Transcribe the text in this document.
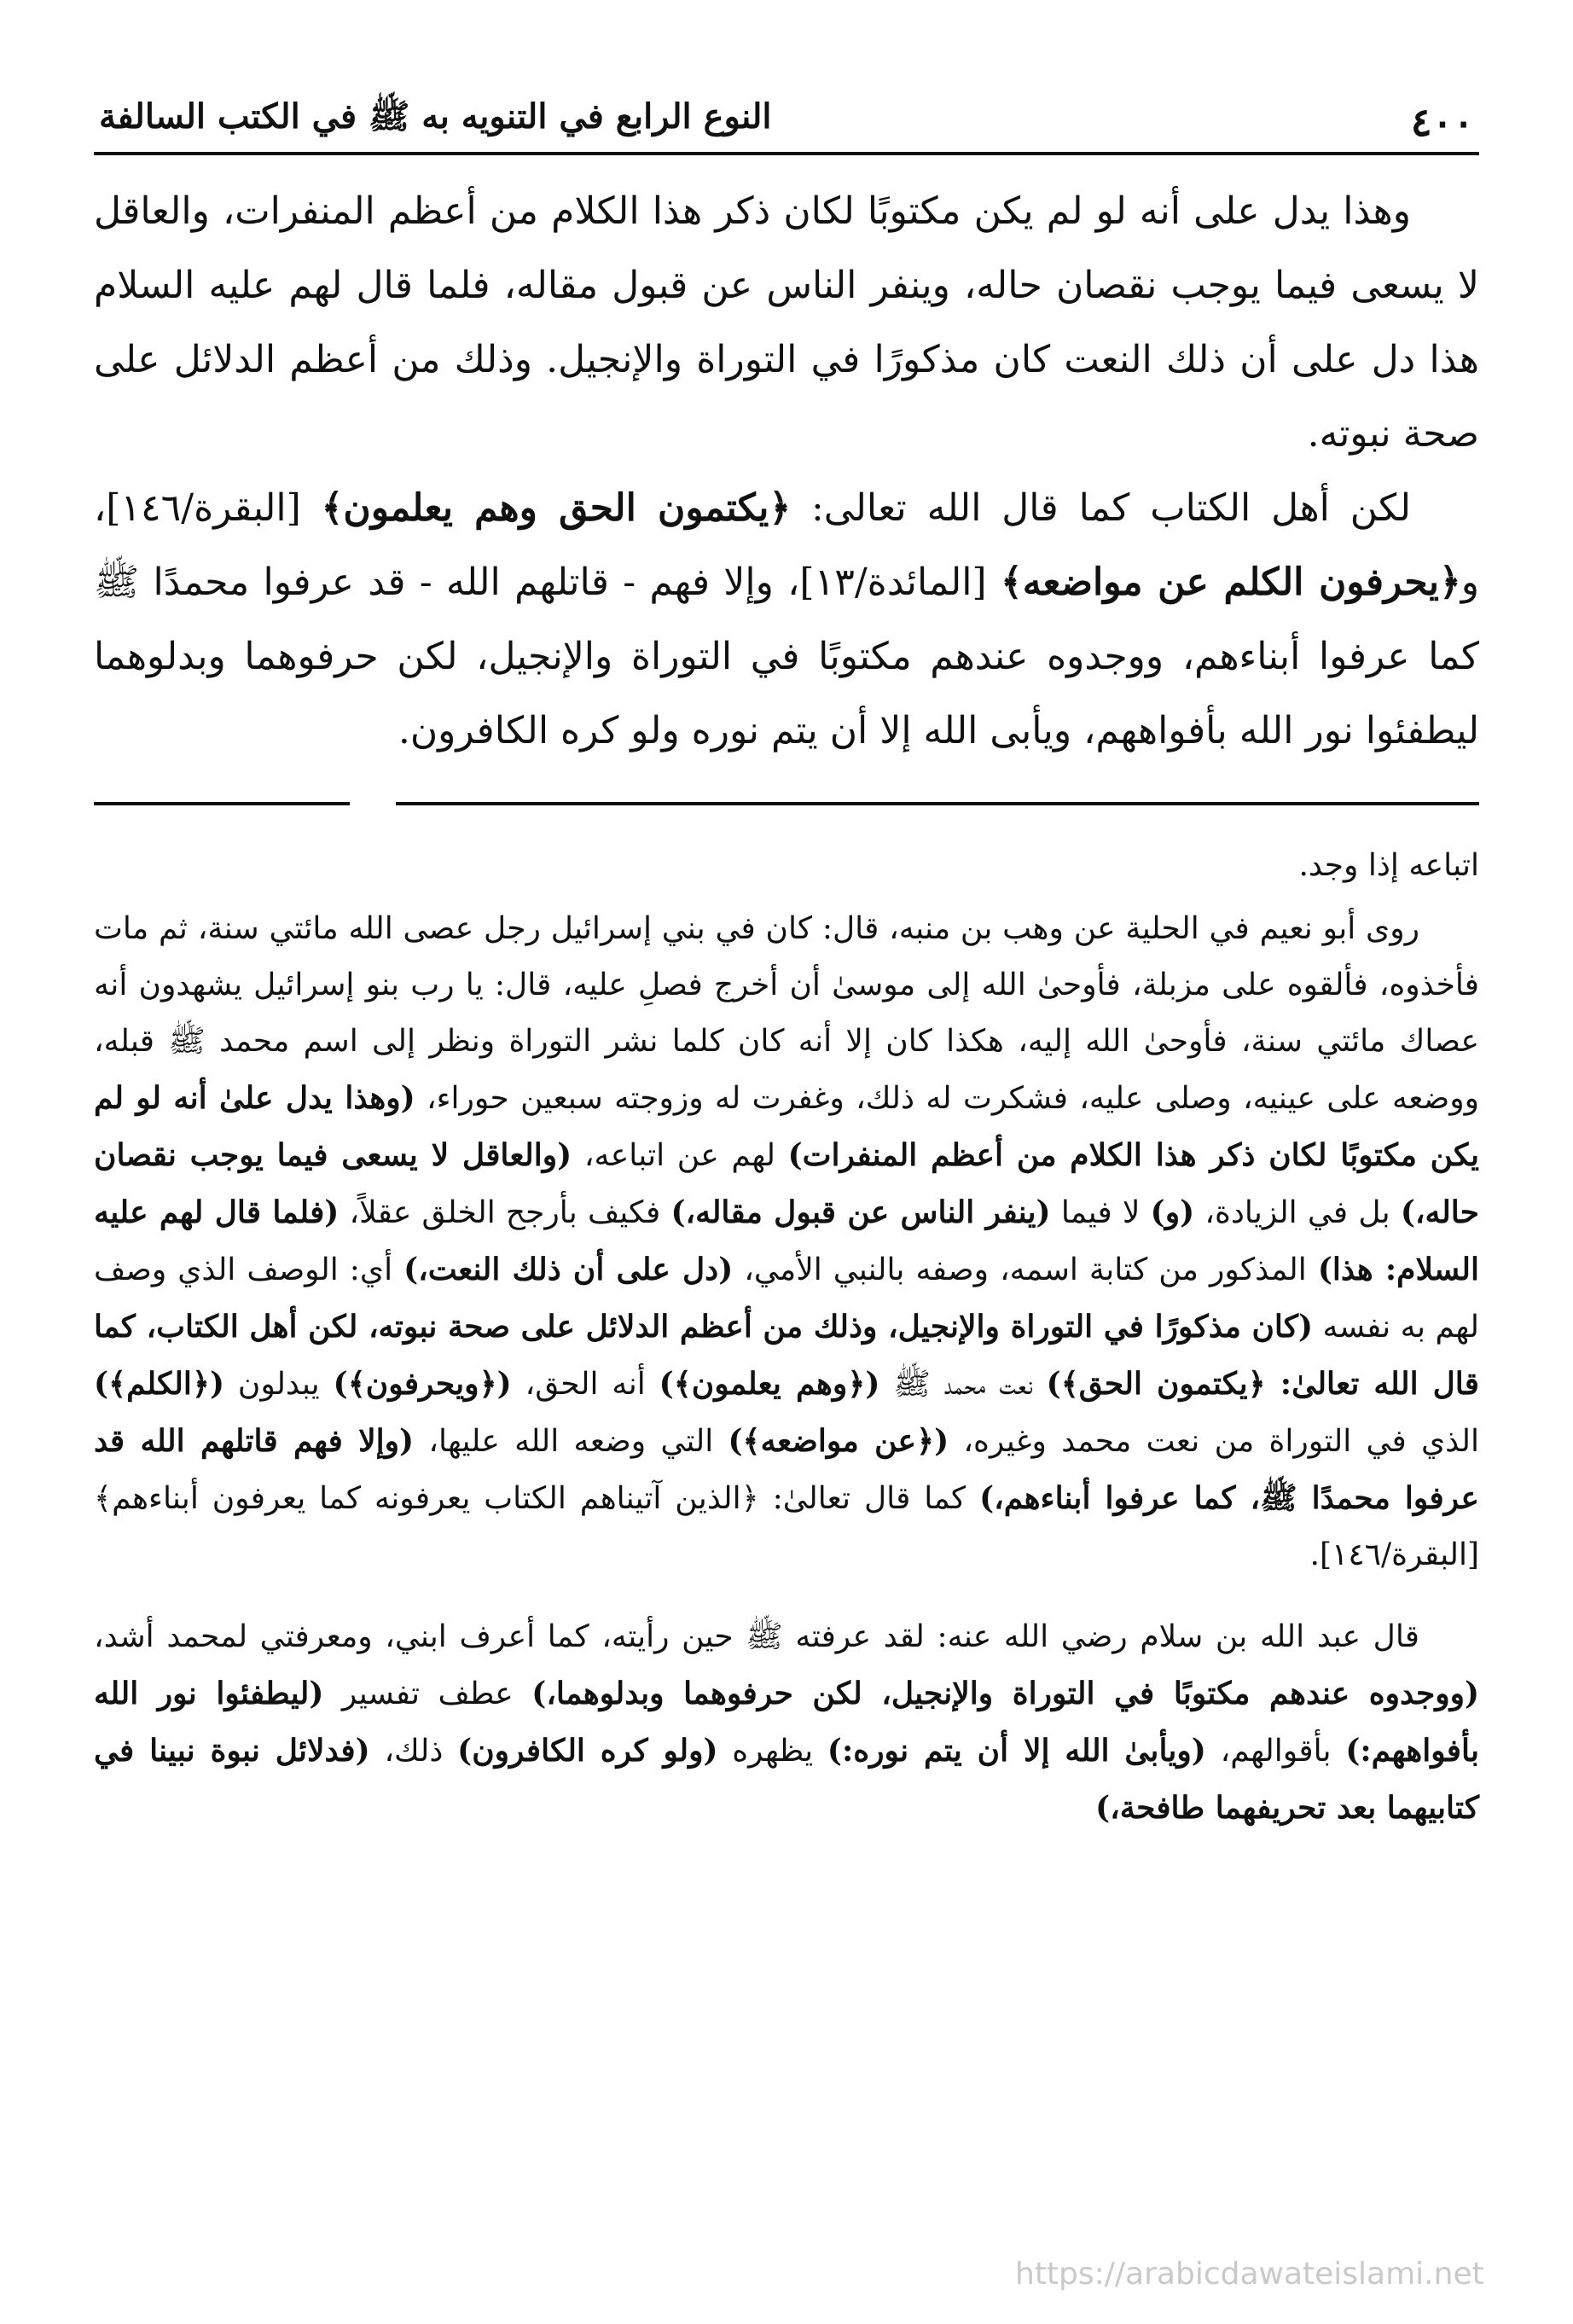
٤٠٠
النوع الرابع في التنويه به ﷺ في الكتب السالفة

وهذا يدل على أنه لو لم يكن مكتوبًا لكان ذكر هذا الكلام من أعظم المنفرات، والعاقل لا يسعى فيما يوجب نقصان حاله، وينفر الناس عن قبول مقاله، فلما قال لهم عليه السلام هذا دل على أن ذلك النعت كان مذكورًا في التوراة والإنجيل. وذلك من أعظم الدلائل على صحة نبوته.

لكن أهل الكتاب كما قال الله تعالى: ﴿يكتمون الحق وهم يعلمون﴾ [البقرة/١٤٦]، و﴿يحرفون الكلم عن مواضعه﴾ [المائدة/١٣]، وإلا فهم - قاتلهم الله - قد عرفوا محمدًا ﷺ كما عرفوا أبناءهم، ووجدوه عندهم مكتوبًا في التوراة والإنجيل، لكن حرفوهما وبدلوهما ليطفئوا نور الله بأفواههم، ويأبى الله إلا أن يتم نوره ولو كره الكافرون.

اتباعه إذا وجد.

روى أبو نعيم في الحلية عن وهب بن منبه، قال: كان في بني إسرائيل رجل عصى الله مائتي سنة، ثم مات فأخذوه، فألقوه على مزبلة، فأوحىٰ الله إلى موسىٰ أن أخرج فصلِ عليه، قال: يا رب بنو إسرائيل يشهدون أنه عصاك مائتي سنة، فأوحىٰ الله إليه، هكذا كان إلا أنه كان كلما نشر التوراة ونظر إلى اسم محمد ﷺ قبله، ووضعه على عينيه، وصلى عليه، فشكرت له ذلك، وغفرت له وزوجته سبعين حوراء، (وهذا يدل علىٰ أنه لو لم يكن مكتوبًا لكان ذكر هذا الكلام من أعظم المنفرات) لهم عن اتباعه، (والعاقل لا يسعى فيما يوجب نقصان حاله،) بل في الزيادة، (و) لا فيما (ينفر الناس عن قبول مقاله،) فكيف بأرجح الخلق عقلاً، (فلما قال لهم عليه السلام: هذا) المذكور من كتابة اسمه، وصفه بالنبي الأمي، (دل على أن ذلك النعت،) أي: الوصف الذي وصف لهم به نفسه (كان مذكورًا في التوراة والإنجيل، وذلك من أعظم الدلائل على صحة نبوته، لكن أهل الكتاب، كما قال الله تعالىٰ: ﴿يكتمون الحق﴾) نعت محمد ﷺ (﴿وهم يعلمون﴾) أنه الحق، (﴿ويحرفون﴾) يبدلون (﴿الكلم﴾) الذي في التوراة من نعت محمد وغيره، (﴿عن مواضعه﴾) التي وضعه الله عليها، (وإلا فهم قاتلهم الله قد عرفوا محمدًا ﷺ، كما عرفوا أبناءهم،) كما قال تعالىٰ: ﴿الذين آتيناهم الكتاب يعرفونه كما يعرفون أبناءهم﴾ [البقرة/١٤٦].

قال عبد الله بن سلام رضي الله عنه: لقد عرفته ﷺ حين رأيته، كما أعرف ابني، ومعرفتي لمحمد أشد، (ووجدوه عندهم مكتوبًا في التوراة والإنجيل، لكن حرفوهما وبدلوهما،) عطف تفسير (ليطفئوا نور الله بأفواههم:) بأقوالهم، (ويأبىٰ الله إلا أن يتم نوره:) يظهره (ولو كره الكافرون) ذلك، (فدلائل نبوة نبينا في كتابيهما بعد تحريفهما طافحة،)

https://arabicdawateislami.net
